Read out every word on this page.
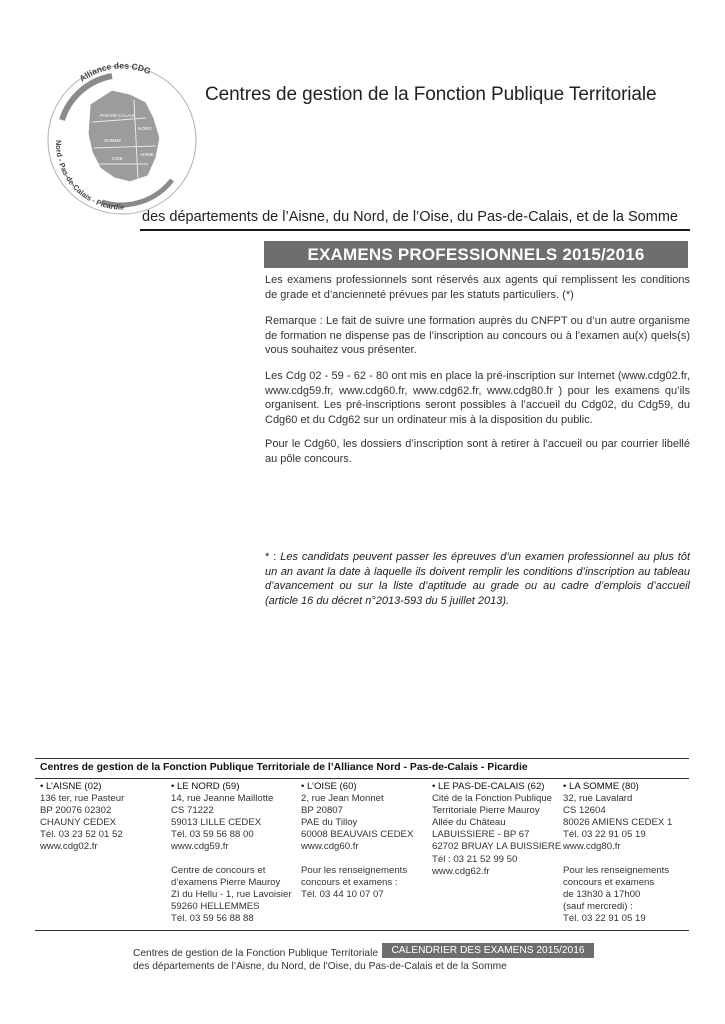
Alliance des CDG
Nord - Pas-de-Calais - Picardie
PAS-DE-CALAIS
NORD
SOMME
AISNE
OISE
Centres de gestion de la Fonction Publique Territoriale
des départements de l’Aisne, du Nord, de l’Oise, du Pas-de-Calais, et de la Somme
EXAMENS PROFESSIONNELS 2015/2016
Les examens professionnels sont réservés aux agents qui remplissent les conditions de grade et d’ancienneté prévues par les statuts particuliers. (*)
Remarque : Le fait de suivre une formation auprès du CNFPT ou d’un autre organisme de formation ne dispense pas de l’inscription au concours ou à l’examen au(x) quels(s) vous souhaitez vous présenter.
Les Cdg 02 - 59 - 62 - 80 ont mis en place la pré-inscription sur Internet (www.cdg02.fr, www.cdg59.fr, www.cdg60.fr, www.cdg62.fr, www.cdg80.fr ) pour les examens qu’ils organisent. Les pré-inscriptions seront possibles à l’accueil du Cdg02, du Cdg59, du Cdg60 et du Cdg62 sur un ordinateur mis à la disposition du public.
Pour le Cdg60, les dossiers d’inscription sont à retirer à l’accueil ou par courrier libellé au pôle concours.
* : Les candidats peuvent passer les épreuves d’un examen professionnel au plus tôt un an avant la date à laquelle ils doivent remplir les conditions d’inscription au tableau d’avancement ou sur la liste d’aptitude au grade ou au cadre d’emplois d’accueil (article 16 du décret n°2013-593 du 5 juillet 2013).
Centres de gestion de la Fonction Publique Territoriale de l’Alliance Nord - Pas-de-Calais - Picardie
• L’AISNE (02)
136 ter, rue Pasteur
BP 20076 02302
CHAUNY CEDEX
Tél. 03 23 52 01 52
www.cdg02.fr
• LE NORD (59)
14, rue Jeanne Maillotte
CS 71222
59013 LILLE CEDEX
Tél. 03 59 56 88 00
www.cdg59.fr
Centre de concours et
d’examens Pierre Mauroy
ZI du Hellu - 1, rue Lavoisier
59260 HELLEMMES
Tél. 03 59 56 88 88
• L’OISE (60)
2, rue Jean Monnet
BP 20807
PAE du Tilloy
60008 BEAUVAIS CEDEX
www.cdg60.fr
Pour les renseignements
concours et examens :
Tél. 03 44 10 07 07
• LE PAS-DE-CALAIS (62)
Cité de la Fonction Publique
Territoriale Pierre Mauroy
Allée du Château
LABUISSIERE - BP 67
62702 BRUAY LA BUISSIERE
Tél : 03 21 52 99 50
www.cdg62.fr
• LA SOMME (80)
32, rue Lavalard
CS 12604
80026 AMIENS CEDEX 1
Tél. 03 22 91 05 19
www.cdg80.fr
Pour les renseignements
concours et examens
de 13h30 à 17h00
(sauf mercredi) :
Tél. 03 22 91 05 19
Centres de gestion de la Fonction Publique Territoriale
des départements de l’Aisne, du Nord, de l’Oise, du Pas-de-Calais et de la Somme
CALENDRIER DES EXAMENS 2015/2016
